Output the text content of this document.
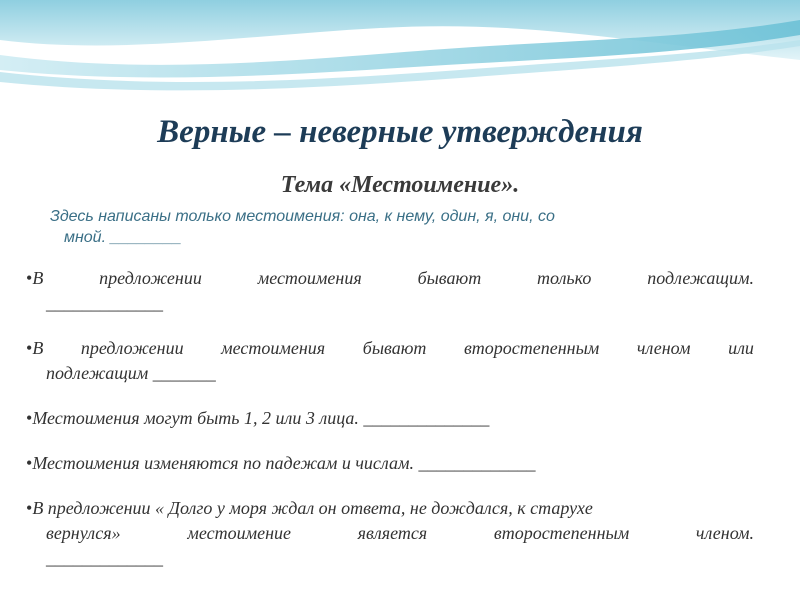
Верные – неверные утверждения
Тема «Местоимение».
Здесь написаны только местоимения: она, к нему, один, я, они, со
мной. ________
•В	предложении	местоимения	бывают	только	подлежащим.
_____________
•В предложении местоимения бывают второстепенным членом или
подлежащим _______
•Местоимения могут быть 1, 2 или 3 лица. ______________
•Местоимения изменяются по падежам и числам. _____________
•В предложении « Долго у моря ждал он ответа, не дождался, к старухе
вернулся»	местоимение	является	второстепенным	членом.
_____________
